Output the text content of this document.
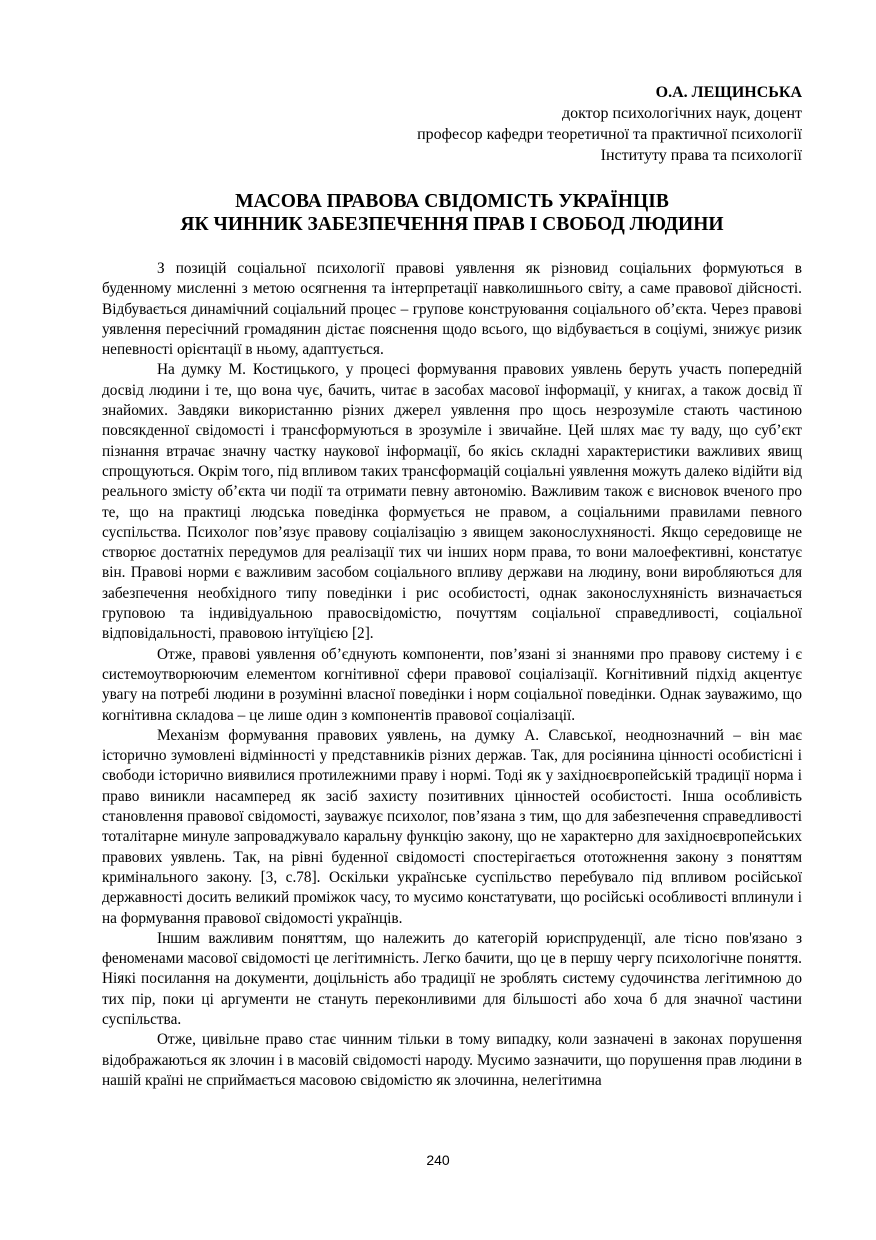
О.А. ЛЕЩИНСЬКА
доктор психологічних наук, доцент
професор кафедри теоретичної та практичної психології
Інституту права та психології
МАСОВА ПРАВОВА СВІДОМІСТЬ УКРАЇНЦІВ
ЯК ЧИННИК ЗАБЕЗПЕЧЕННЯ ПРАВ І СВОБОД ЛЮДИНИ

З позицій соціальної психології правові уявлення як різновид соціальних формуються в буденному мисленні з метою осягнення та інтерпретації навколишнього світу, а саме правової дійсності. Відбувається динамічний соціальний процес – групове конструювання соціального об’єкта. Через правові уявлення пересічний громадянин дістає пояснення щодо всього, що відбувається в соціумі, знижує ризик непевності орієнтації в ньому, адаптується.

На думку М. Костицького, у процесі формування правових уявлень беруть участь попередній досвід людини і те, що вона чує, бачить, читає в засобах масової інформації, у книгах, а також досвід її знайомих. Завдяки використанню різних джерел уявлення про щось незрозуміле стають частиною повсякденної свідомості і трансформуються в зрозуміле і звичайне. Цей шлях має ту ваду, що суб’єкт пізнання втрачає значну частку наукової інформації, бо якісь складні характеристики важливих явищ спрощуються. Окрім того, під впливом таких трансформацій соціальні уявлення можуть далеко відійти від реального змісту об’єкта чи події та отримати певну автономію. Важливим також є висновок вченого про те, що на практиці людська поведінка формується не правом, а соціальними правилами певного суспільства. Психолог пов’язує правову соціалізацію з явищем законослухняності. Якщо середовище не створює достатніх передумов для реалізації тих чи інших норм права, то вони малоефективні, констатує він. Правові норми є важливим засобом соціального впливу держави на людину, вони виробляються для забезпечення необхідного типу поведінки і рис особистості, однак законослухняність визначається груповою та індивідуальною правосвідомістю, почуттям соціальної справедливості, соціальної відповідальності, правовою інтуїцією [2].

Отже, правові уявлення об’єднують компоненти, пов’язані зі знаннями про правову систему і є системоутворюючим елементом когнітивної сфери правової соціалізації. Когнітивний підхід акцентує увагу на потребі людини в розумінні власної поведінки і норм соціальної поведінки. Однак зауважимо, що когнітивна складова – це лише один з компонентів правової соціалізації.

Механізм формування правових уявлень, на думку А. Славської, неоднозначний – він має історично зумовлені відмінності у представників різних держав. Так, для росіянина цінності особистісні і свободи історично виявилися протилежними праву і нормі. Тоді як у західноєвропейській традиції норма і право виникли насамперед як засіб захисту позитивних цінностей особистості. Інша особливість становлення правової свідомості, зауважує психолог, пов’язана з тим, що для забезпечення справедливості тоталітарне минуле запроваджувало каральну функцію закону, що не характерно для західноєвропейських правових уявлень. Так, на рівні буденної свідомості спостерігається ототожнення закону з поняттям кримінального закону. [3, с.78]. Оскільки українське суспільство перебувало під впливом російської державності досить великий проміжок часу, то мусимо констатувати, що російські особливості вплинули і на формування правової свідомості українців.

Іншим важливим поняттям, що належить до категорій юриспруденції, але тісно пов'язано з феноменами масової свідомості це легітимність. Легко бачити, що це в першу чергу психологічне поняття. Ніякі посилання на документи, доцільність або традиції не зроблять систему судочинства легітимною до тих пір, поки ці аргументи не стануть переконливими для більшості або хоча б для значної частини суспільства.

Отже, цивільне право стає чинним тільки в тому випадку, коли зазначені в законах порушення відображаються як злочин і в масовій свідомості народу. Мусимо зазначити, що порушення прав людини в нашій країні не сприймається масовою свідомістю як злочинна, нелегітимна

240
